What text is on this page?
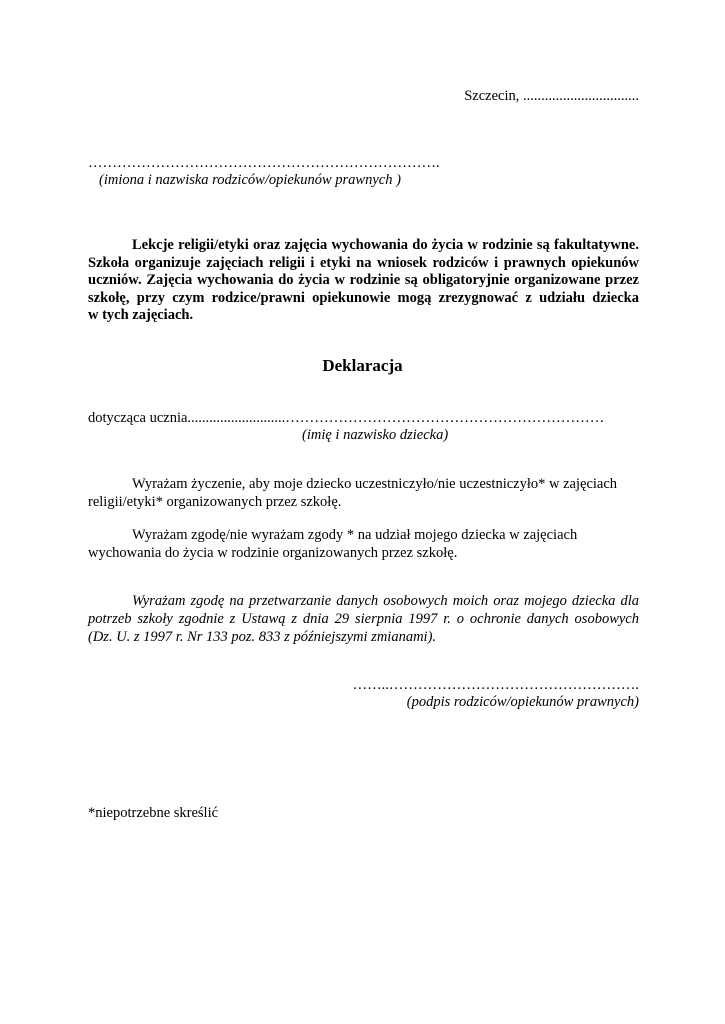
Szczecin, ................................
……………………………………………………………….
(imiona i nazwiska rodziców/opiekunów prawnych )

Lekcje religii/etyki oraz zajęcia wychowania do życia w rodzinie są fakultatywne.

Szkoła organizuje zajęciach religii i etyki na wniosek rodziców i prawnych opiekunów

uczniów. Zajęcia wychowania do życia w rodzinie są obligatoryjnie organizowane przez

szkołę, przy czym rodzice/prawni opiekunowie mogą zrezygnować z udziału dziecka

w tych zajęciach.

Deklaracja
dotycząca ucznia...........................…………………………………………………………
(imię i nazwisko dziecka)
Wyrażam życzenie, aby moje dziecko uczestniczyło/nie uczestniczyło* w zajęciach
religii/etyki* organizowanych przez szkołę.
Wyrażam zgodę/nie wyrażam zgody * na udział mojego dziecka w zajęciach
wychowania do życia w rodzinie organizowanych przez szkołę.

Wyrażam zgodę na przetwarzanie danych osobowych moich oraz mojego dziecka dla

potrzeb szkoły zgodnie z Ustawą z dnia 29 sierpnia 1997 r. o ochronie danych osobowych

(Dz. U. z 1997 r. Nr 133 poz. 833 z późniejszymi zmianami).

……..…………………………………………….
(podpis rodziców/opiekunów prawnych)
*niepotrzebne skreślić
